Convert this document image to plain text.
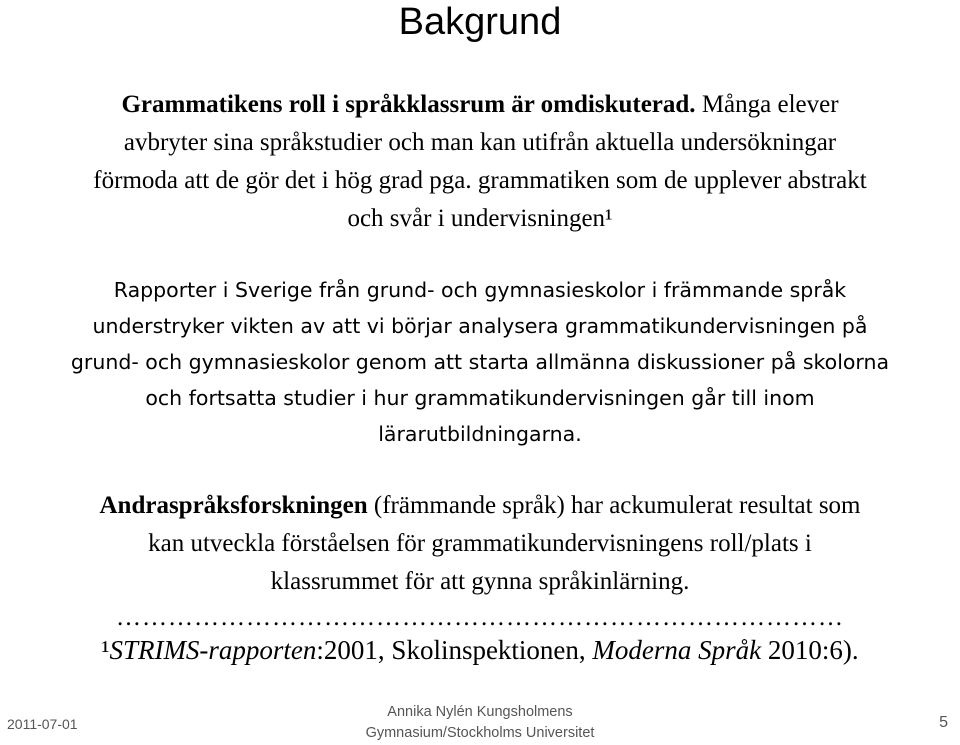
Bakgrund
Grammatikens roll i språkklassrum är omdiskuterad. Många elever
avbryter sina språkstudier och man kan utifrån aktuella undersökningar
förmoda att de gör det i hög grad pga. grammatiken som de upplever abstrakt
och svår i undervisningen¹
Rapporter i Sverige från grund- och gymnasieskolor i främmande språk
understryker vikten av att vi börjar analysera grammatikundervisningen på
grund- och gymnasieskolor genom att starta allmänna diskussioner på skolorna
och fortsatta studier i hur grammatikundervisningen går till inom
lärarutbildningarna.
Andraspråksforskningen (främmande språk) har ackumulerat resultat som
kan utveckla förståelsen för grammatikundervisningens roll/plats i
klassrummet för att gynna språkinlärning.
…………………………………………………………………………
¹STRIMS-rapporten:2001, Skolinspektionen, Moderna Språk 2010:6).
2011-07-01
Annika Nylén Kungsholmens
Gymnasium/Stockholms Universitet
5
